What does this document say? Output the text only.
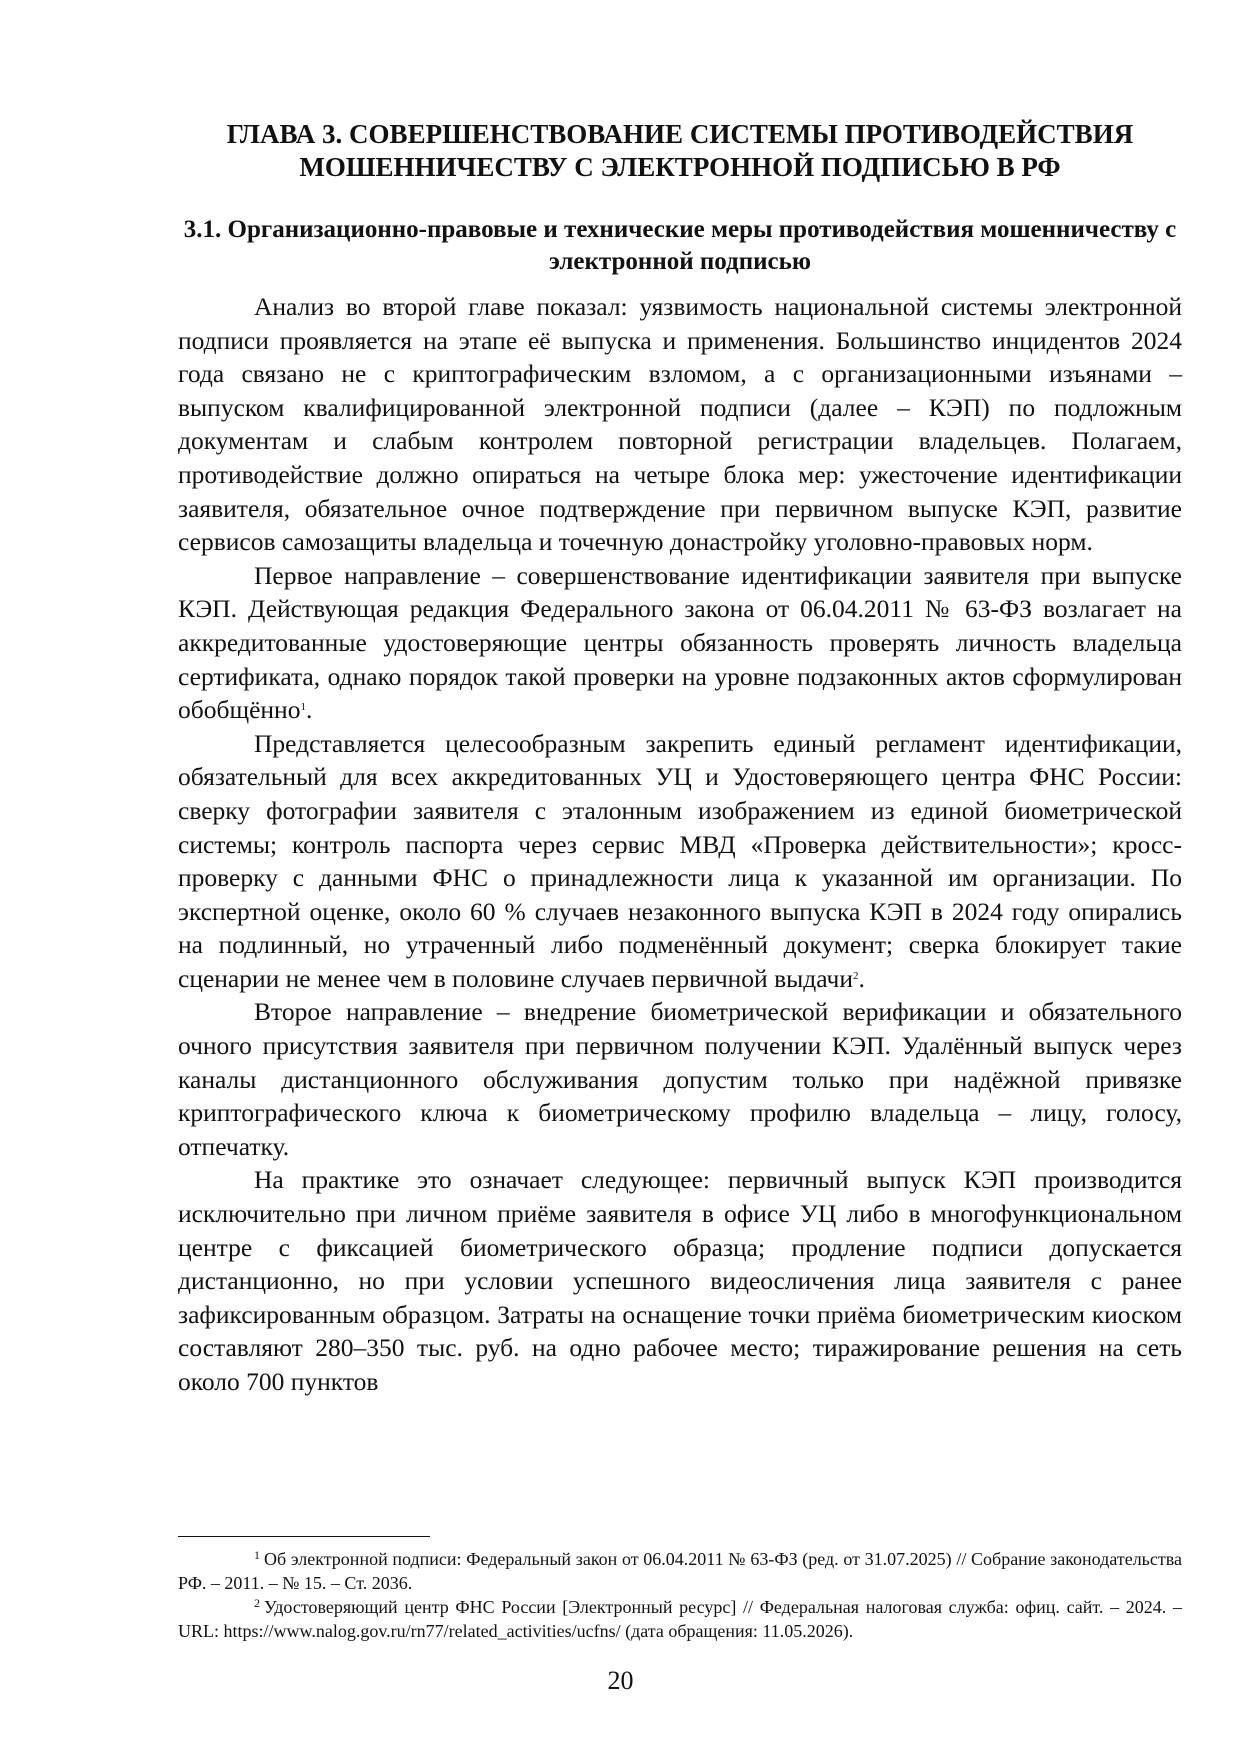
ГЛАВА 3. СОВЕРШЕНСТВОВАНИЕ СИСТЕМЫ ПРОТИВОДЕЙСТВИЯ МОШЕННИЧЕСТВУ С ЭЛЕКТРОННОЙ ПОДПИСЬЮ В РФ
3.1. Организационно-правовые и технические меры противодействия мошенничеству с электронной подписью

Анализ во второй главе показал: уязвимость национальной системы электронной подписи проявляется на этапе её выпуска и применения. Большинство инцидентов 2024 года связано не с криптографическим взломом, а с организационными изъянами – выпуском квалифицированной электронной подписи (далее – КЭП) по подложным документам и слабым контролем повторной регистрации владельцев. Полагаем, противодействие должно опираться на четыре блока мер: ужесточение идентификации заявителя, обязательное очное подтверждение при первичном выпуске КЭП, развитие сервисов самозащиты владельца и точечную донастройку уголовно-правовых норм.

Первое направление – совершенствование идентификации заявителя при выпуске КЭП. Действующая редакция Федерального закона от 06.04.2011 № 63-ФЗ возлагает на аккредитованные удостоверяющие центры обязанность проверять личность владельца сертификата, однако порядок такой проверки на уровне подзаконных актов сформулирован обобщённо$^1$.

Представляется целесообразным закрепить единый регламент идентификации, обязательный для всех аккредитованных УЦ и Удостоверяющего центра ФНС России: сверку фотографии заявителя с эталонным изображением из единой биометрической системы; контроль паспорта через сервис МВД «Проверка действительности»; кросс-проверку с данными ФНС о принадлежности лица к указанной им организации. По экспертной оценке, около 60 % случаев незаконного выпуска КЭП в 2024 году опирались на подлинный, но утраченный либо подменённый документ; сверка блокирует такие сценарии не менее чем в половине случаев первичной выдачи$^2$.

Второе направление – внедрение биометрической верификации и обязательного очного присутствия заявителя при первичном получении КЭП. Удалённый выпуск через каналы дистанционного обслуживания допустим только при надёжной привязке криптографического ключа к биометрическому профилю владельца – лицу, голосу, отпечатку.

На практике это означает следующее: первичный выпуск КЭП производится исключительно при личном приёме заявителя в офисе УЦ либо в многофункциональном центре с фиксацией биометрического образца; продление подписи допускается дистанционно, но при условии успешного видеосличения лица заявителя с ранее зафиксированным образцом. Затраты на оснащение точки приёма биометрическим киоском составляют 280–350 тыс. руб. на одно рабочее место; тиражирование решения на сеть около 700 пунктов

$^1$ Об электронной подписи: Федеральный закон от 06.04.2011 № 63-ФЗ (ред. от 31.07.2025) // Собрание законодательства РФ. – 2011. – № 15. – Ст. 2036.

$^2$ Удостоверяющий центр ФНС России [Электронный ресурс] // Федеральная налоговая служба: офиц. сайт. – 2024. – URL: https://www.nalog.gov.ru/rn77/related_activities/ucfns/ (дата обращения: 11.05.2026).

20
